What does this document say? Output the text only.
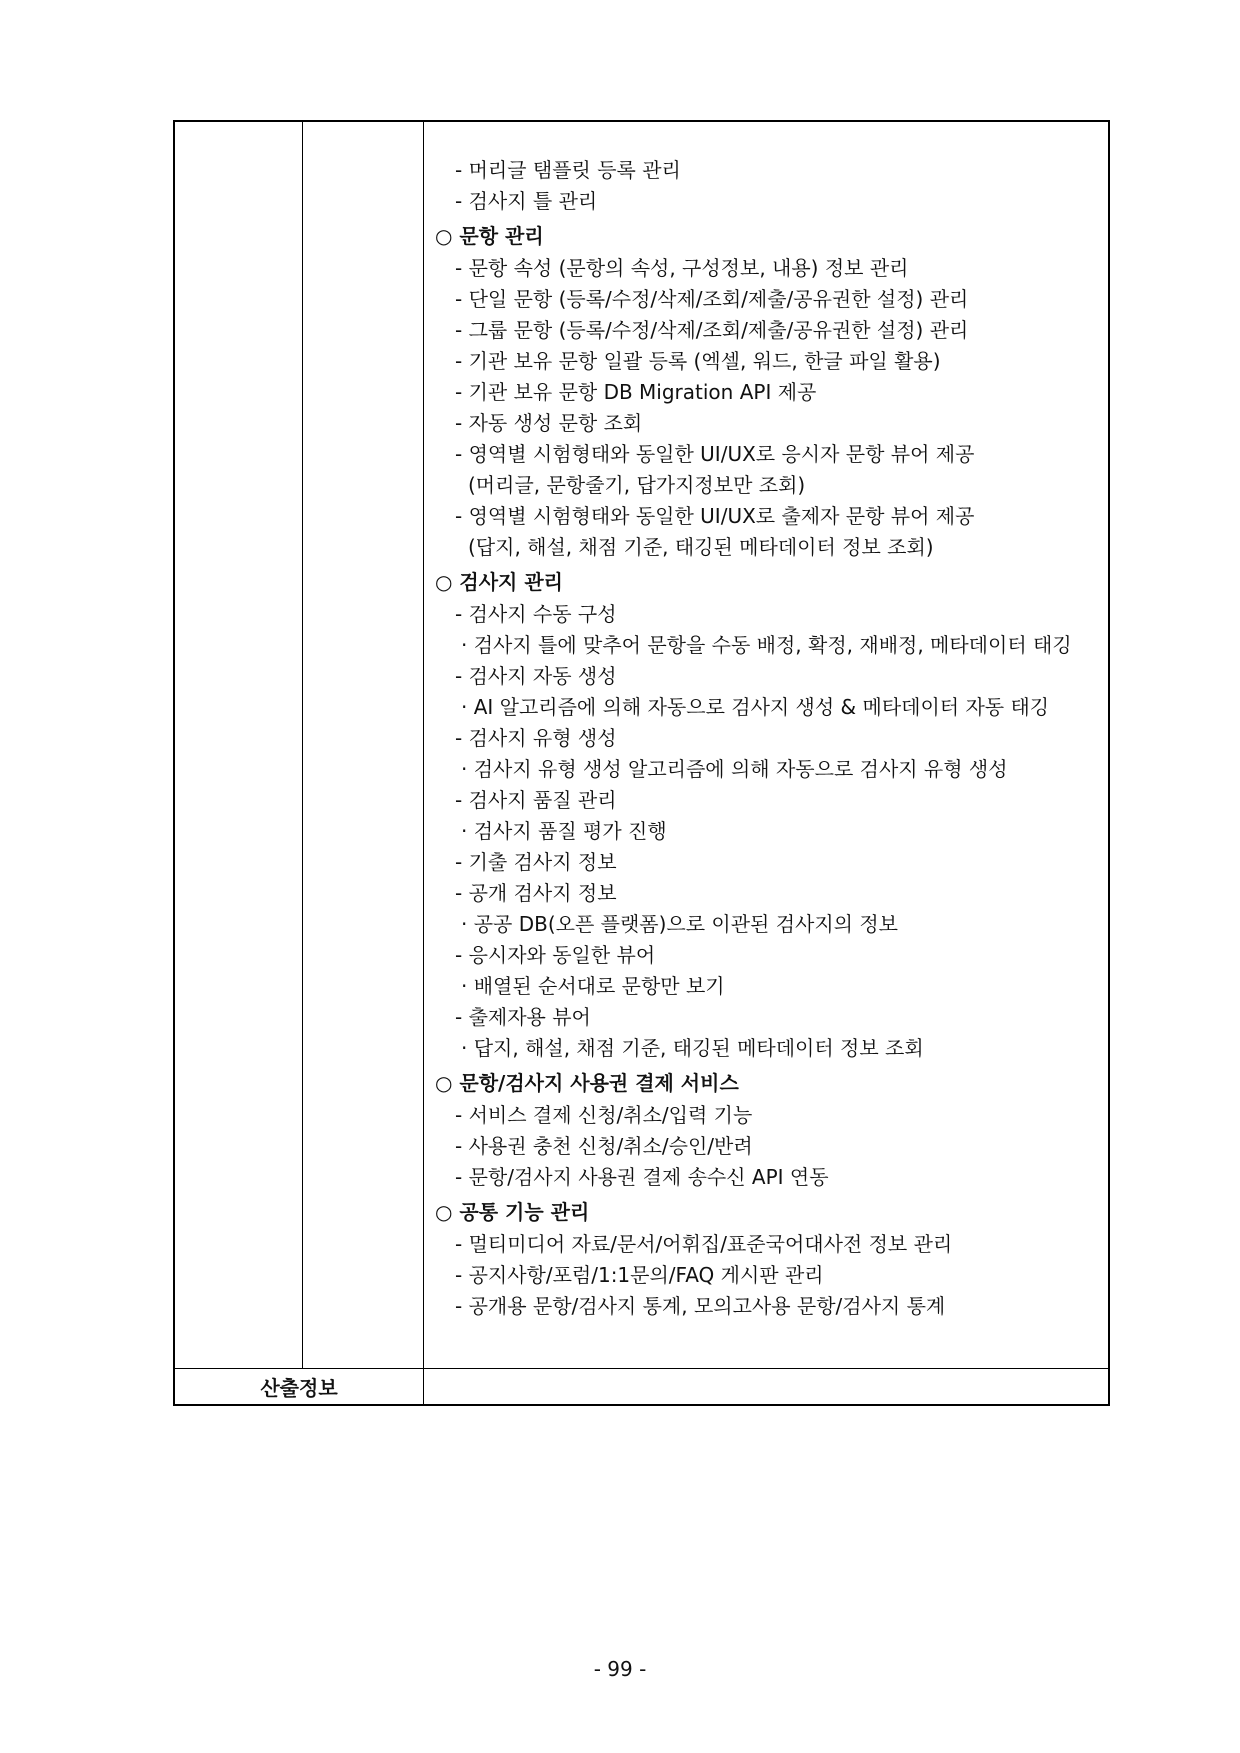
- 머리글 탬플릿 등록 관리
- 검사지 틀 관리
○ 문항 관리
- 문항 속성 (문항의 속성, 구성정보, 내용) 정보 관리
- 단일 문항 (등록/수정/삭제/조회/제출/공유권한 설정) 관리
- 그룹 문항 (등록/수정/삭제/조회/제출/공유권한 설정) 관리
- 기관 보유 문항 일괄 등록 (엑셀, 워드, 한글 파일 활용)
- 기관 보유 문항 DB Migration API 제공
- 자동 생성 문항 조회
- 영역별 시험형태와 동일한 UI/UX로 응시자 문항 뷰어 제공
(머리글, 문항줄기, 답가지정보만 조회)
- 영역별 시험형태와 동일한 UI/UX로 출제자 문항 뷰어 제공
(답지, 해설, 채점 기준, 태깅된 메타데이터 정보 조회)
○ 검사지 관리
- 검사지 수동 구성
· 검사지 틀에 맞추어 문항을 수동 배정, 확정, 재배정, 메타데이터 태깅
- 검사지 자동 생성
· AI 알고리즘에 의해 자동으로 검사지 생성 & 메타데이터 자동 태깅
- 검사지 유형 생성
· 검사지 유형 생성 알고리즘에 의해 자동으로 검사지 유형 생성
- 검사지 품질 관리
· 검사지 품질 평가 진행
- 기출 검사지 정보
- 공개 검사지 정보
· 공공 DB(오픈 플랫폼)으로 이관된 검사지의 정보
- 응시자와 동일한 뷰어
· 배열된 순서대로 문항만 보기
- 출제자용 뷰어
· 답지, 해설, 채점 기준, 태깅된 메타데이터 정보 조회
○ 문항/검사지 사용권 결제 서비스
- 서비스 결제 신청/취소/입력 기능
- 사용권 충천 신청/취소/승인/반려
- 문항/검사지 사용권 결제 송수신 API 연동
○ 공통 기능 관리
- 멀티미디어 자료/문서/어휘집/표준국어대사전 정보 관리
- 공지사항/포럼/1:1문의/FAQ 게시판 관리
- 공개용 문항/검사지 통계, 모의고사용 문항/검사지 통계
산출정보
- 99 -
